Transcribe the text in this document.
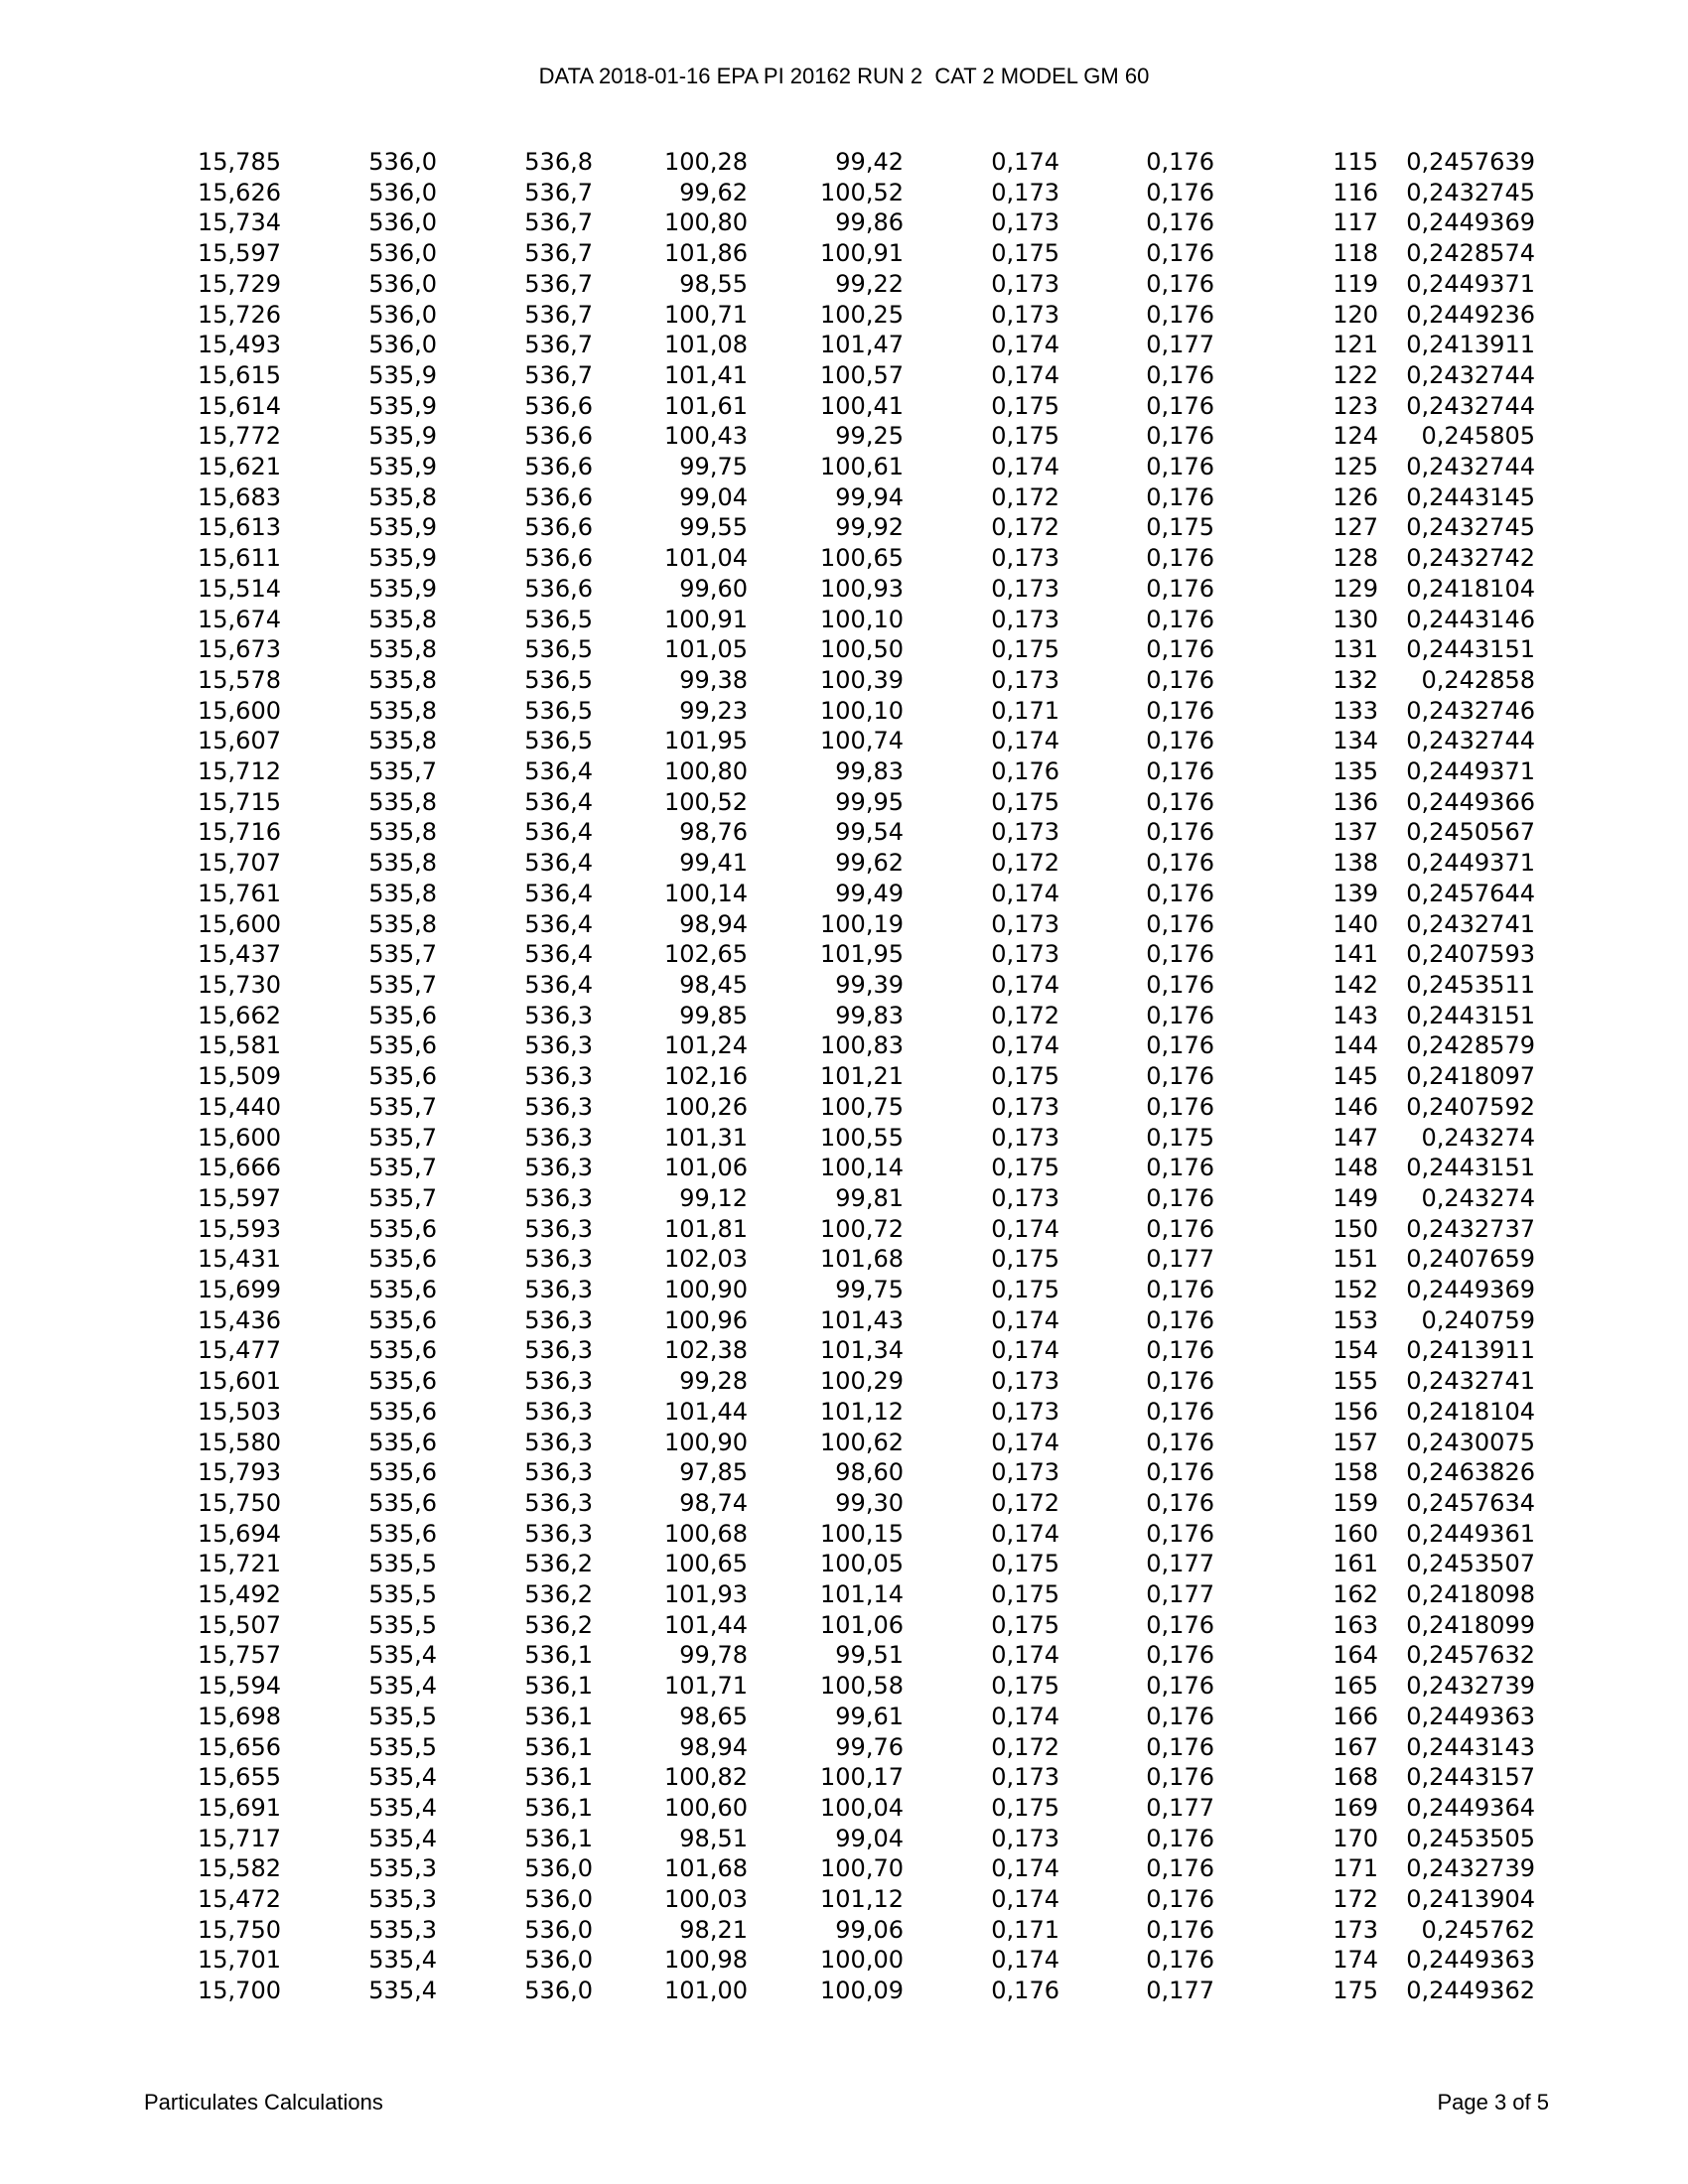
DATA 2018-01-16 EPA PI 20162 RUN 2  CAT 2 MODEL GM 60
15,785	536,0	536,8	100,28	99,42	0,174	0,176	115	0,2457639
15,626	536,0	536,7	99,62	100,52	0,173	0,176	116	0,2432745
15,734	536,0	536,7	100,80	99,86	0,173	0,176	117	0,2449369
15,597	536,0	536,7	101,86	100,91	0,175	0,176	118	0,2428574
15,729	536,0	536,7	98,55	99,22	0,173	0,176	119	0,2449371
15,726	536,0	536,7	100,71	100,25	0,173	0,176	120	0,2449236
15,493	536,0	536,7	101,08	101,47	0,174	0,177	121	0,2413911
15,615	535,9	536,7	101,41	100,57	0,174	0,176	122	0,2432744
15,614	535,9	536,6	101,61	100,41	0,175	0,176	123	0,2432744
15,772	535,9	536,6	100,43	99,25	0,175	0,176	124	0,245805
15,621	535,9	536,6	99,75	100,61	0,174	0,176	125	0,2432744
15,683	535,8	536,6	99,04	99,94	0,172	0,176	126	0,2443145
15,613	535,9	536,6	99,55	99,92	0,172	0,175	127	0,2432745
15,611	535,9	536,6	101,04	100,65	0,173	0,176	128	0,2432742
15,514	535,9	536,6	99,60	100,93	0,173	0,176	129	0,2418104
15,674	535,8	536,5	100,91	100,10	0,173	0,176	130	0,2443146
15,673	535,8	536,5	101,05	100,50	0,175	0,176	131	0,2443151
15,578	535,8	536,5	99,38	100,39	0,173	0,176	132	0,242858
15,600	535,8	536,5	99,23	100,10	0,171	0,176	133	0,2432746
15,607	535,8	536,5	101,95	100,74	0,174	0,176	134	0,2432744
15,712	535,7	536,4	100,80	99,83	0,176	0,176	135	0,2449371
15,715	535,8	536,4	100,52	99,95	0,175	0,176	136	0,2449366
15,716	535,8	536,4	98,76	99,54	0,173	0,176	137	0,2450567
15,707	535,8	536,4	99,41	99,62	0,172	0,176	138	0,2449371
15,761	535,8	536,4	100,14	99,49	0,174	0,176	139	0,2457644
15,600	535,8	536,4	98,94	100,19	0,173	0,176	140	0,2432741
15,437	535,7	536,4	102,65	101,95	0,173	0,176	141	0,2407593
15,730	535,7	536,4	98,45	99,39	0,174	0,176	142	0,2453511
15,662	535,6	536,3	99,85	99,83	0,172	0,176	143	0,2443151
15,581	535,6	536,3	101,24	100,83	0,174	0,176	144	0,2428579
15,509	535,6	536,3	102,16	101,21	0,175	0,176	145	0,2418097
15,440	535,7	536,3	100,26	100,75	0,173	0,176	146	0,2407592
15,600	535,7	536,3	101,31	100,55	0,173	0,175	147	0,243274
15,666	535,7	536,3	101,06	100,14	0,175	0,176	148	0,2443151
15,597	535,7	536,3	99,12	99,81	0,173	0,176	149	0,243274
15,593	535,6	536,3	101,81	100,72	0,174	0,176	150	0,2432737
15,431	535,6	536,3	102,03	101,68	0,175	0,177	151	0,2407659
15,699	535,6	536,3	100,90	99,75	0,175	0,176	152	0,2449369
15,436	535,6	536,3	100,96	101,43	0,174	0,176	153	0,240759
15,477	535,6	536,3	102,38	101,34	0,174	0,176	154	0,2413911
15,601	535,6	536,3	99,28	100,29	0,173	0,176	155	0,2432741
15,503	535,6	536,3	101,44	101,12	0,173	0,176	156	0,2418104
15,580	535,6	536,3	100,90	100,62	0,174	0,176	157	0,2430075
15,793	535,6	536,3	97,85	98,60	0,173	0,176	158	0,2463826
15,750	535,6	536,3	98,74	99,30	0,172	0,176	159	0,2457634
15,694	535,6	536,3	100,68	100,15	0,174	0,176	160	0,2449361
15,721	535,5	536,2	100,65	100,05	0,175	0,177	161	0,2453507
15,492	535,5	536,2	101,93	101,14	0,175	0,177	162	0,2418098
15,507	535,5	536,2	101,44	101,06	0,175	0,176	163	0,2418099
15,757	535,4	536,1	99,78	99,51	0,174	0,176	164	0,2457632
15,594	535,4	536,1	101,71	100,58	0,175	0,176	165	0,2432739
15,698	535,5	536,1	98,65	99,61	0,174	0,176	166	0,2449363
15,656	535,5	536,1	98,94	99,76	0,172	0,176	167	0,2443143
15,655	535,4	536,1	100,82	100,17	0,173	0,176	168	0,2443157
15,691	535,4	536,1	100,60	100,04	0,175	0,177	169	0,2449364
15,717	535,4	536,1	98,51	99,04	0,173	0,176	170	0,2453505
15,582	535,3	536,0	101,68	100,70	0,174	0,176	171	0,2432739
15,472	535,3	536,0	100,03	101,12	0,174	0,176	172	0,2413904
15,750	535,3	536,0	98,21	99,06	0,171	0,176	173	0,245762
15,701	535,4	536,0	100,98	100,00	0,174	0,176	174	0,2449363
15,700	535,4	536,0	101,00	100,09	0,176	0,177	175	0,2449362
Particulates Calculations	Page 3 of 5
